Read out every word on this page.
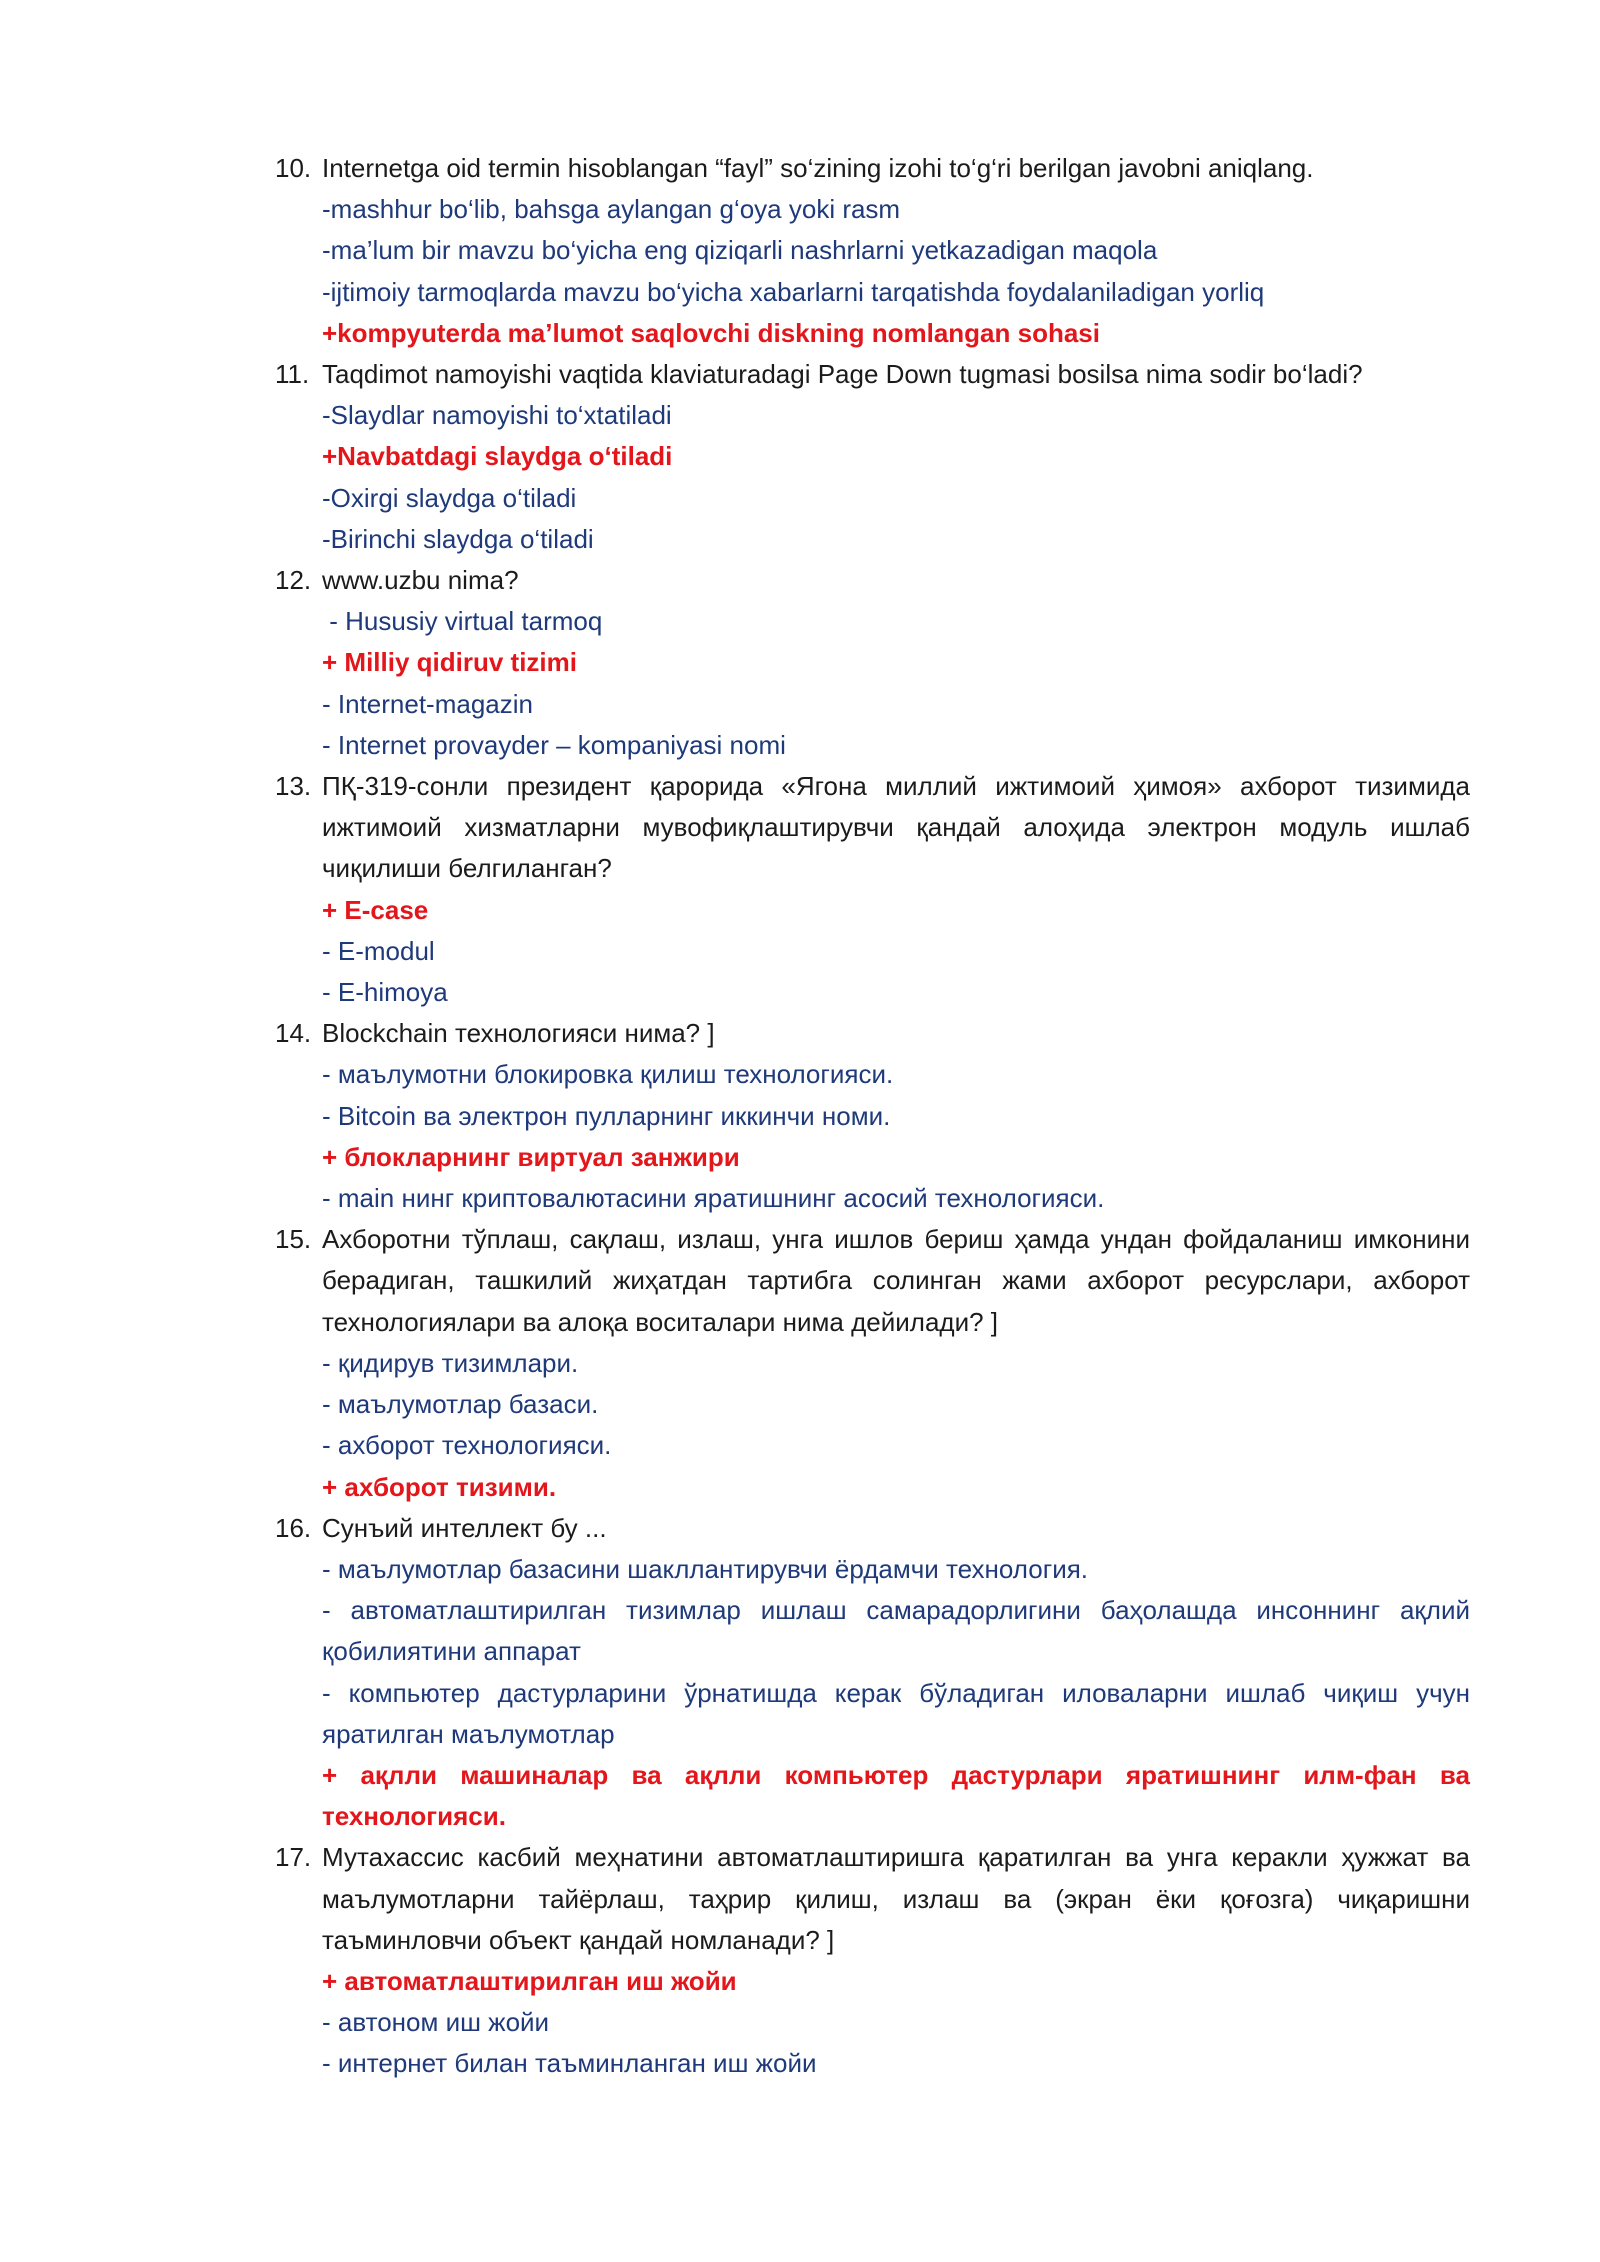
10. Internetga oid termin hisoblangan “fayl” so‘zining izohi to‘g‘ri berilgan javobni aniqlang.
-mashhur bo‘lib, bahsga aylangan g‘oya yoki rasm
-ma’lum bir mavzu bo‘yicha eng qiziqarli nashrlarni yetkazadigan maqola
-ijtimoiy tarmoqlarda mavzu bo‘yicha xabarlarni tarqatishda foydalaniladigan yorliq
+kompyuterda ma’lumot saqlovchi diskning nomlangan sohasi
11. Taqdimot namoyishi vaqtida klaviaturadagi Page Down tugmasi bosilsa nima sodir bo‘ladi?
-Slaydlar namoyishi to‘xtatiladi
+Navbatdagi slaydga o‘tiladi
-Oxirgi slaydga o‘tiladi
-Birinchi slaydga o‘tiladi
12. www.uzbu nima?
- Hususiy virtual tarmoq
+ Milliy qidiruv tizimi
- Internet-magazin
- Internet provayder – kompaniyasi nomi
13. ПҚ-319-сонли президент қарорида «Ягона миллий ижтимоий ҳимоя» ахборот тизимида ижтимоий хизматларни мувофиқлаштирувчи қандай алоҳида электрон модуль ишлаб чиқилиши белгиланган?
+ E-case
- E-modul
- E-himoya
14. Blockchain технологияси нима? ]
- маълумотни блокировка қилиш технологияси.
- Bitcoin ва электрон пулларнинг иккинчи номи.
+ блокларнинг виртуал занжири
- main нинг криптовалютасини яратишнинг асосий технологияси.
15. Ахборотни тўплаш, сақлаш, излаш, унга ишлов бериш ҳамда ундан фойдаланиш имконини берадиган, ташкилий жиҳатдан тартибга солинган жами ахборот ресурслари, ахборот технологиялари ва алоқа воситалари нима дейилади? ]
- қидирув тизимлари.
- маълумотлар базаси.
- ахборот технологияси.
+ ахборот тизими.
16. Сунъий интеллект бу ...
- маълумотлар базасини шакллантирувчи ёрдамчи технология.
- автоматлаштирилган тизимлар ишлаш самарадорлигини баҳолашда инсоннинг ақлий қобилиятини аппарат
- компьютер дастурларини ўрнатишда керак бўладиган иловаларни ишлаб чиқиш учун яратилган маълумотлар
+ ақлли машиналар ва ақлли компьютер дастурлари яратишнинг илм-фан ва технологияси.
17. Мутахассис касбий меҳнатини автоматлаштиришга қаратилган ва унга керакли ҳужжат ва маълумотларни тайёрлаш, таҳрир қилиш, излаш ва (экран ёки қоғозга) чиқаришни таъминловчи объект қандай номланади? ]
+ автоматлаштирилган иш жойи
- автоном иш жойи
- интернет билан таъминланган иш жойи
